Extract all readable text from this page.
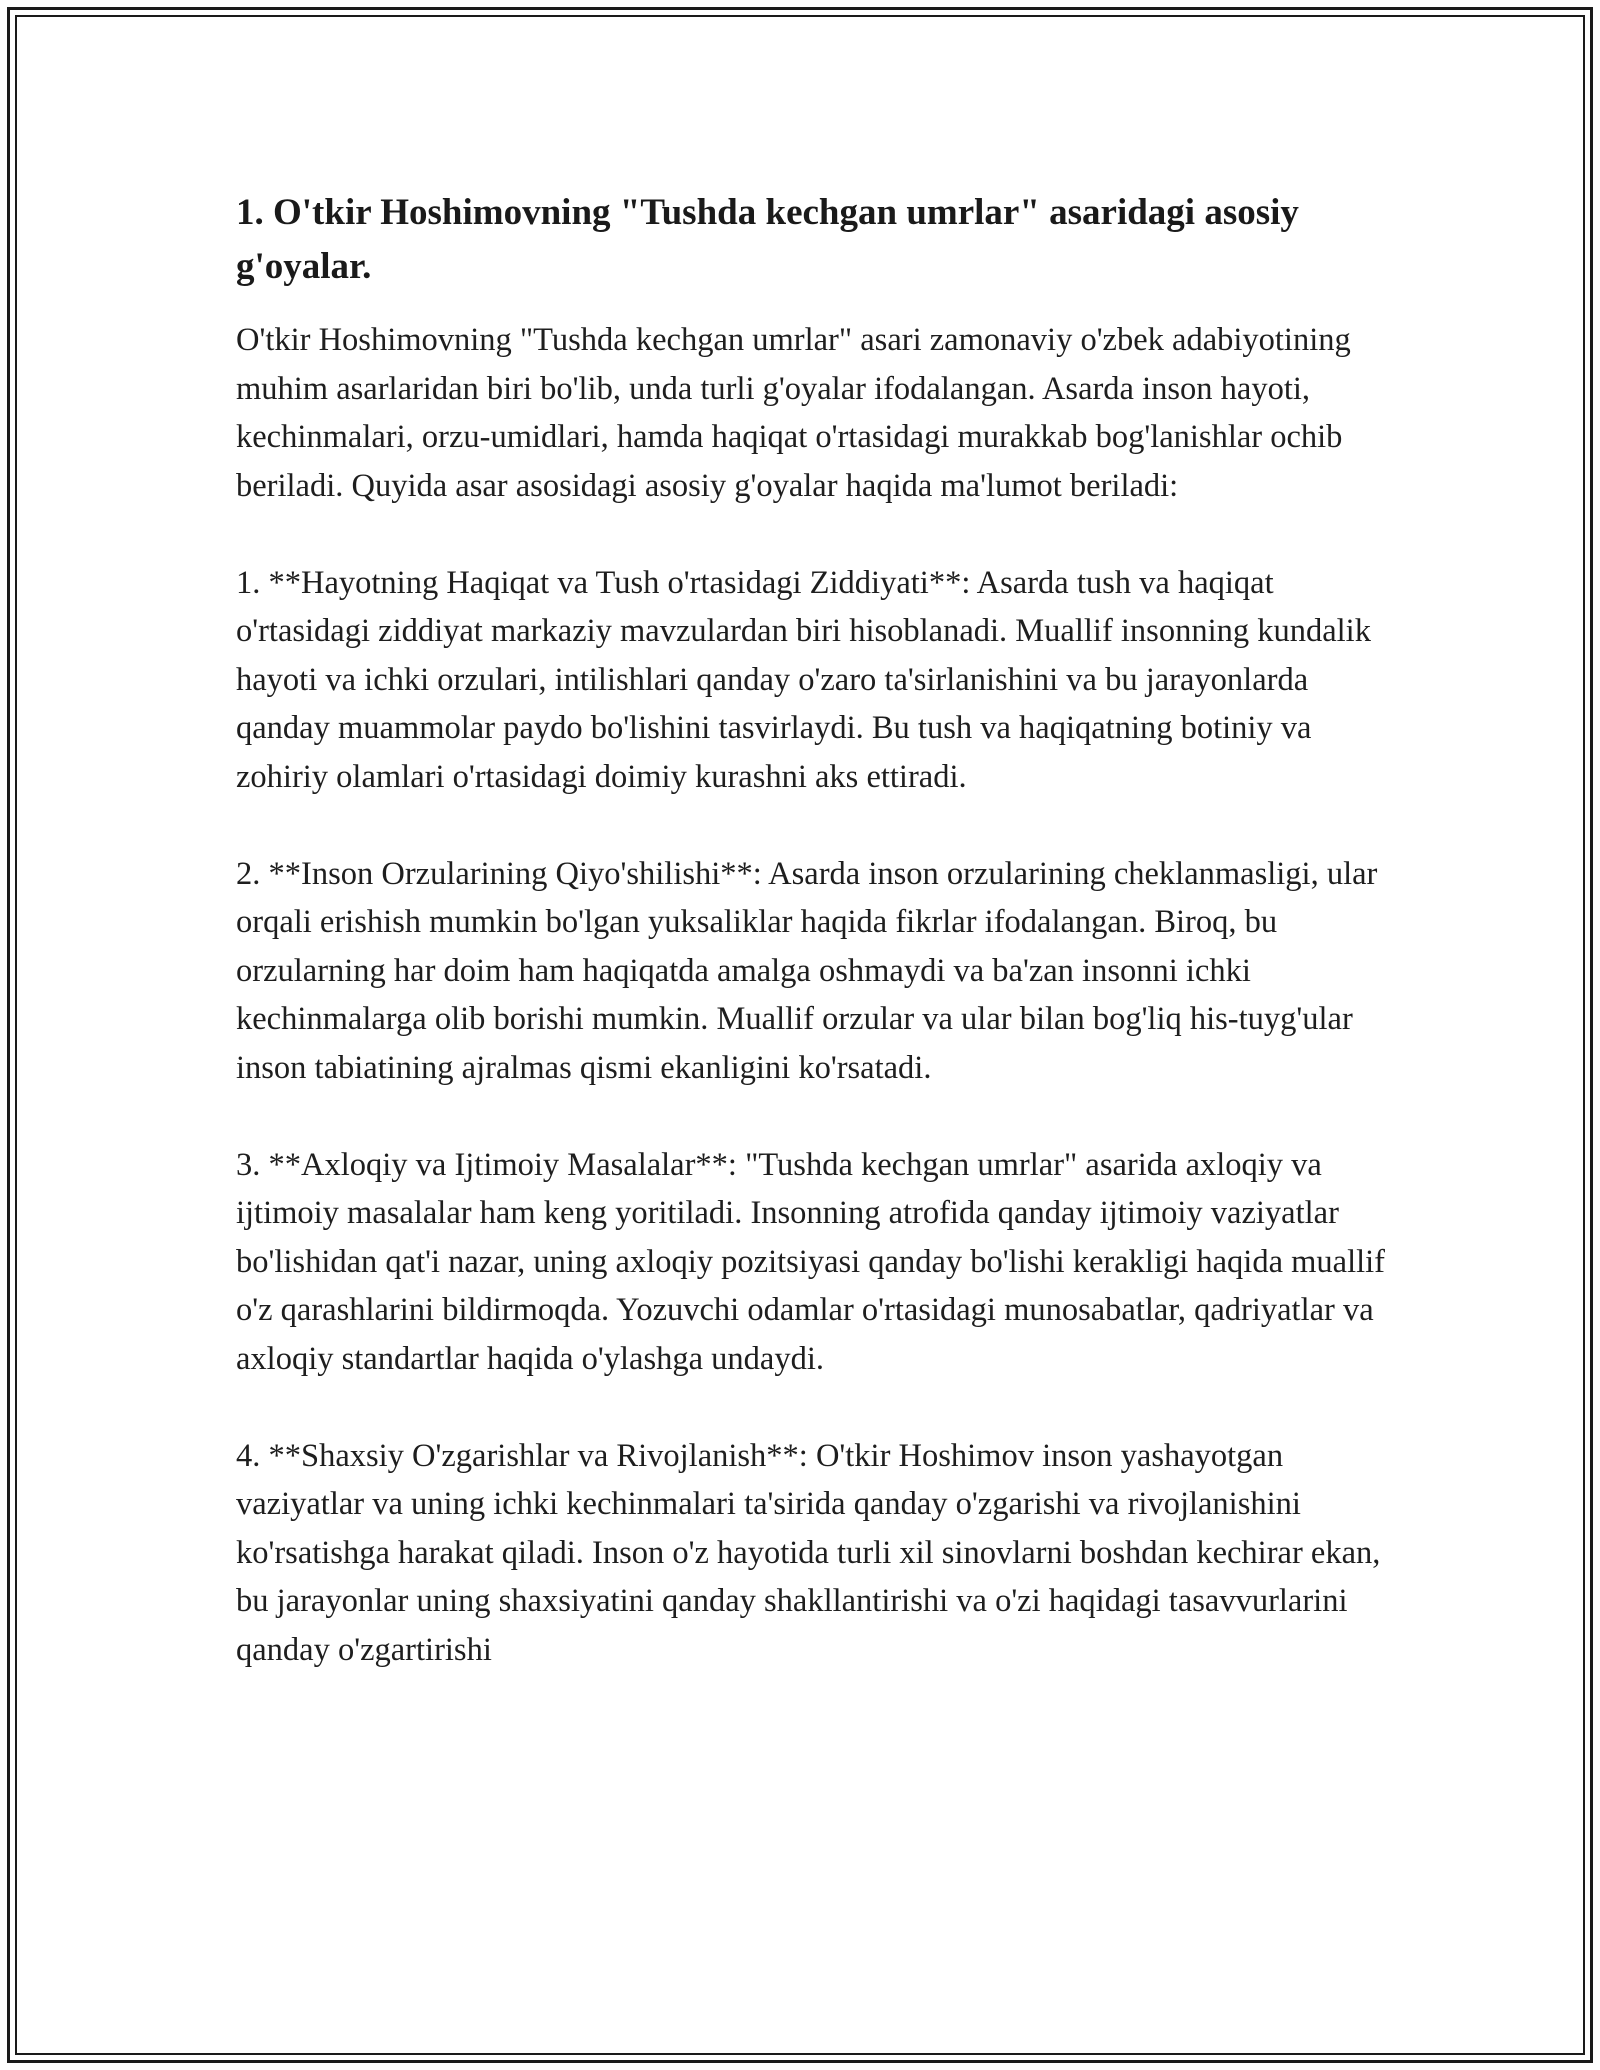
1. O'tkir Hoshimovning "Tushda kechgan umrlar" asaridagi asosiy g'oyalar.

O'tkir Hoshimovning "Tushda kechgan umrlar" asari zamonaviy o'zbek adabiyotining muhim asarlaridan biri bo'lib, unda turli g'oyalar ifodalangan. Asarda inson hayoti, kechinmalari, orzu-umidlari, hamda haqiqat o'rtasidagi murakkab bog'lanishlar ochib beriladi. Quyida asar asosidagi asosiy g'oyalar haqida ma'lumot beriladi:

1. **Hayotning Haqiqat va Tush o'rtasidagi Ziddiyati**: Asarda tush va haqiqat o'rtasidagi ziddiyat markaziy mavzulardan biri hisoblanadi. Muallif insonning kundalik hayoti va ichki orzulari, intilishlari qanday o'zaro ta'sirlanishini va bu jarayonlarda qanday muammolar paydo bo'lishini tasvirlaydi. Bu tush va haqiqatning botiniy va zohiriy olamlari o'rtasidagi doimiy kurashni aks ettiradi.

2. **Inson Orzularining Qiyo'shilishi**: Asarda inson orzularining cheklanmasligi, ular orqali erishish mumkin bo'lgan yuksaliklar haqida fikrlar ifodalangan. Biroq, bu orzularning har doim ham haqiqatda amalga oshmaydi va ba'zan insonni ichki kechinmalarga olib borishi mumkin. Muallif orzular va ular bilan bog'liq his-tuyg'ular inson tabiatining ajralmas qismi ekanligini ko'rsatadi.

3. **Axloqiy va Ijtimoiy Masalalar**: "Tushda kechgan umrlar" asarida axloqiy va ijtimoiy masalalar ham keng yoritiladi. Insonning atrofida qanday ijtimoiy vaziyatlar bo'lishidan qat'i nazar, uning axloqiy pozitsiyasi qanday bo'lishi kerakligi haqida muallif o'z qarashlarini bildirmoqda. Yozuvchi odamlar o'rtasidagi munosabatlar, qadriyatlar va axloqiy standartlar haqida o'ylashga undaydi.

4. **Shaxsiy O'zgarishlar va Rivojlanish**: O'tkir Hoshimov inson yashayotgan vaziyatlar va uning ichki kechinmalari ta'sirida qanday o'zgarishi va rivojlanishini ko'rsatishga harakat qiladi. Inson o'z hayotida turli xil sinovlarni boshdan kechirar ekan, bu jarayonlar uning shaxsiyatini qanday shakllantirishi va o'zi haqidagi tasavvurlarini qanday o'zgartirishi
